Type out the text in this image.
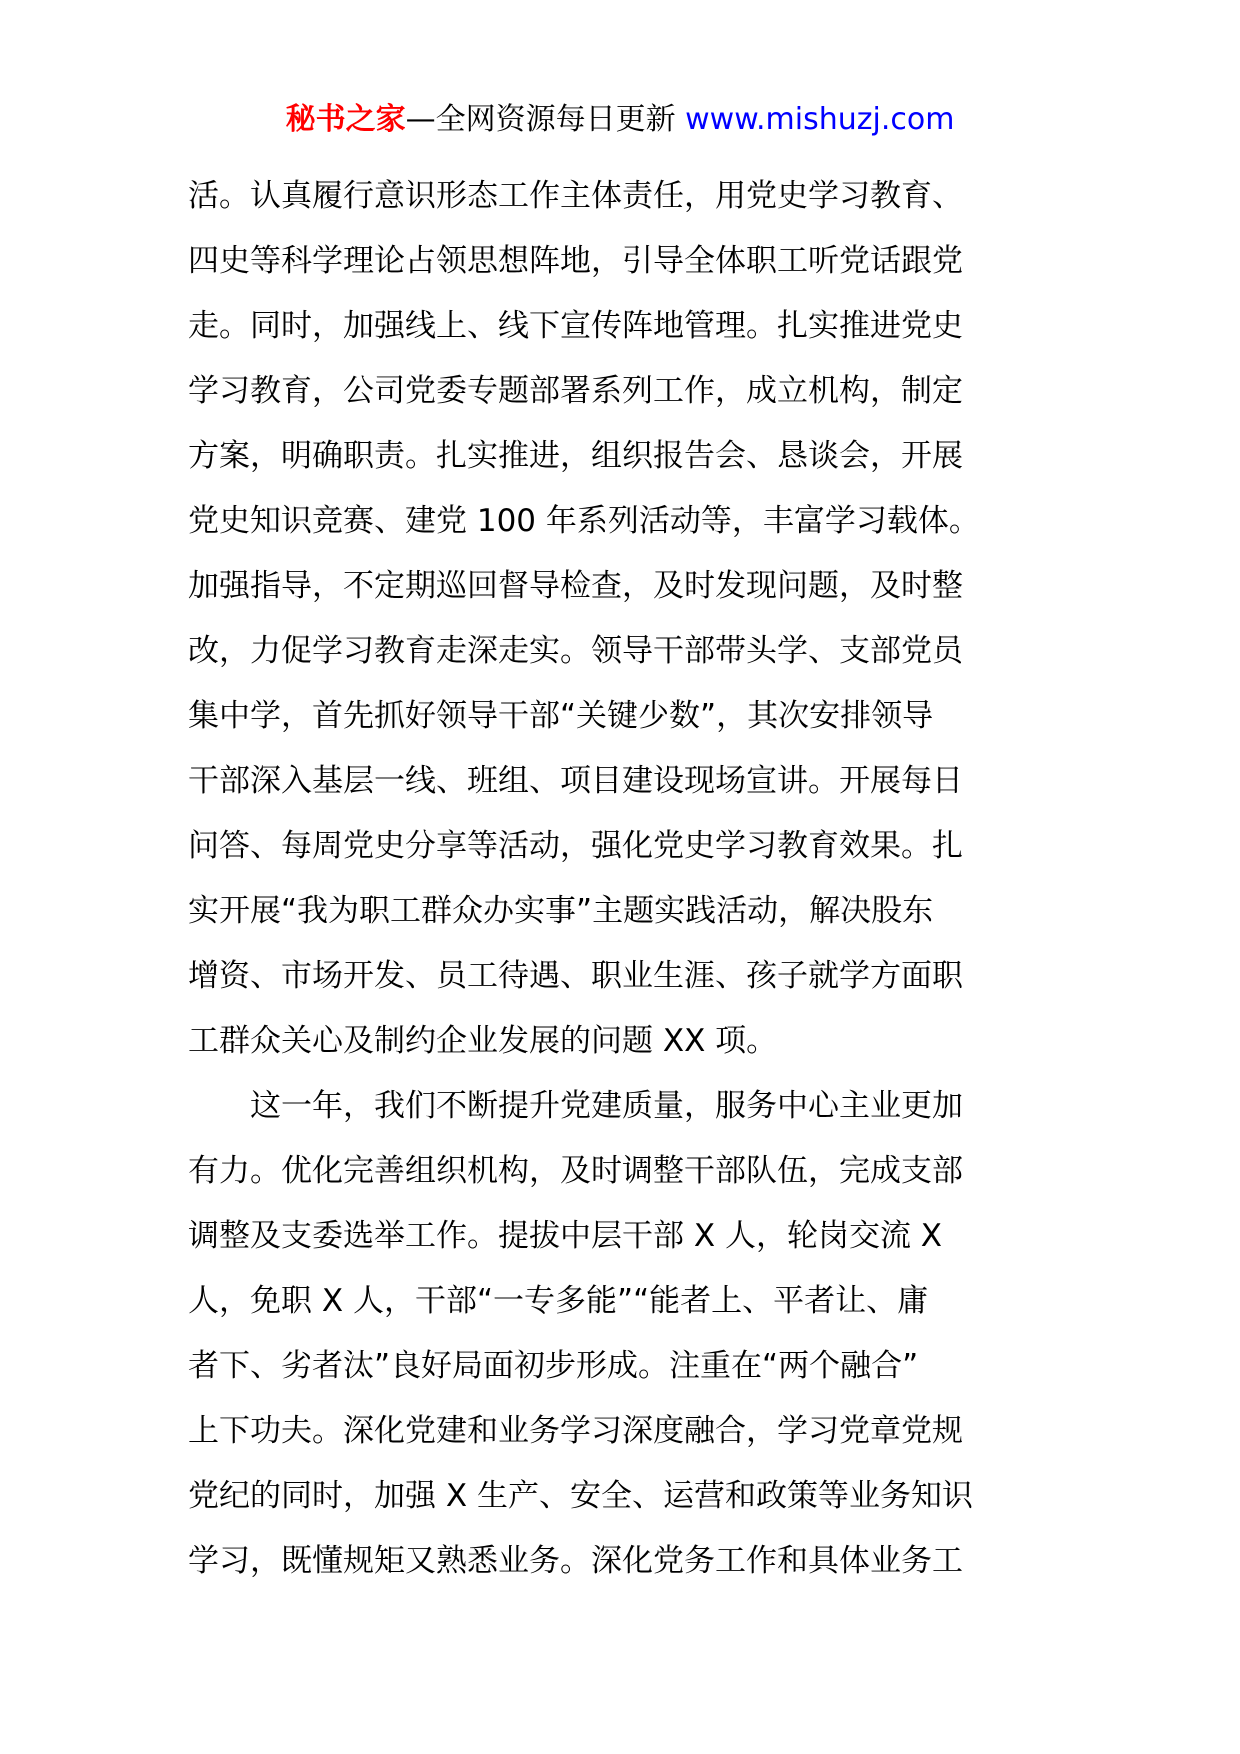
秘书之家—全网资源每日更新 www.mishuzj.com
活。认真履行意识形态工作主体责任，用党史学习教育、
四史等科学理论占领思想阵地，引导全体职工听党话跟党
走。同时，加强线上、线下宣传阵地管理。扎实推进党史
学习教育，公司党委专题部署系列工作，成立机构，制定
方案，明确职责。扎实推进，组织报告会、恳谈会，开展
党史知识竞赛、建党 100 年系列活动等，丰富学习载体。
加强指导，不定期巡回督导检查，及时发现问题，及时整
改，力促学习教育走深走实。领导干部带头学、支部党员
集中学，首先抓好领导干部“关键少数”，其次安排领导
干部深入基层一线、班组、项目建设现场宣讲。开展每日
问答、每周党史分享等活动，强化党史学习教育效果。扎
实开展“我为职工群众办实事”主题实践活动，解决股东
增资、市场开发、员工待遇、职业生涯、孩子就学方面职
工群众关心及制约企业发展的问题 XX 项。
这一年，我们不断提升党建质量，服务中心主业更加
有力。优化完善组织机构，及时调整干部队伍，完成支部
调整及支委选举工作。提拔中层干部 X 人，轮岗交流 X
人，免职 X 人，干部“一专多能”“能者上、平者让、庸
者下、劣者汰”良好局面初步形成。注重在“两个融合”
上下功夫。深化党建和业务学习深度融合，学习党章党规
党纪的同时，加强 X 生产、安全、运营和政策等业务知识
学习，既懂规矩又熟悉业务。深化党务工作和具体业务工
